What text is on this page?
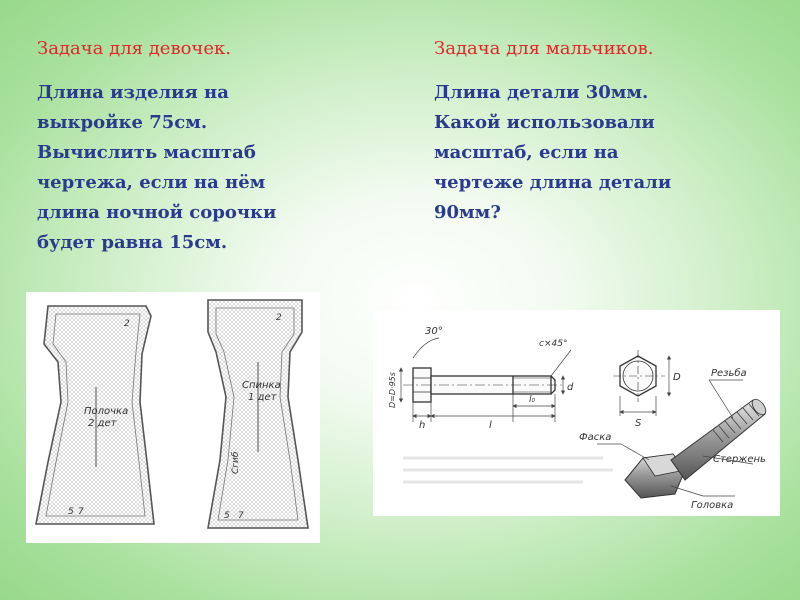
Задача для девочек.
Длина изделия на
выкройке 75см.
Вычислить масштаб
чертежа, если на нём
длина ночной сорочки
будет равна 15см.
Задача для мальчиков.
Длина детали 30мм.
Какой использовали
масштаб, если на
чертеже длина детали
90мм?
Полочка
2 дет
5 7
2
Спинка
1 дет
Сгиб
5 7
2
30°
c×45°
D=D·95s	d
h	l
l₀
D
S
Резьба
Фаска
Стержень
Головка
